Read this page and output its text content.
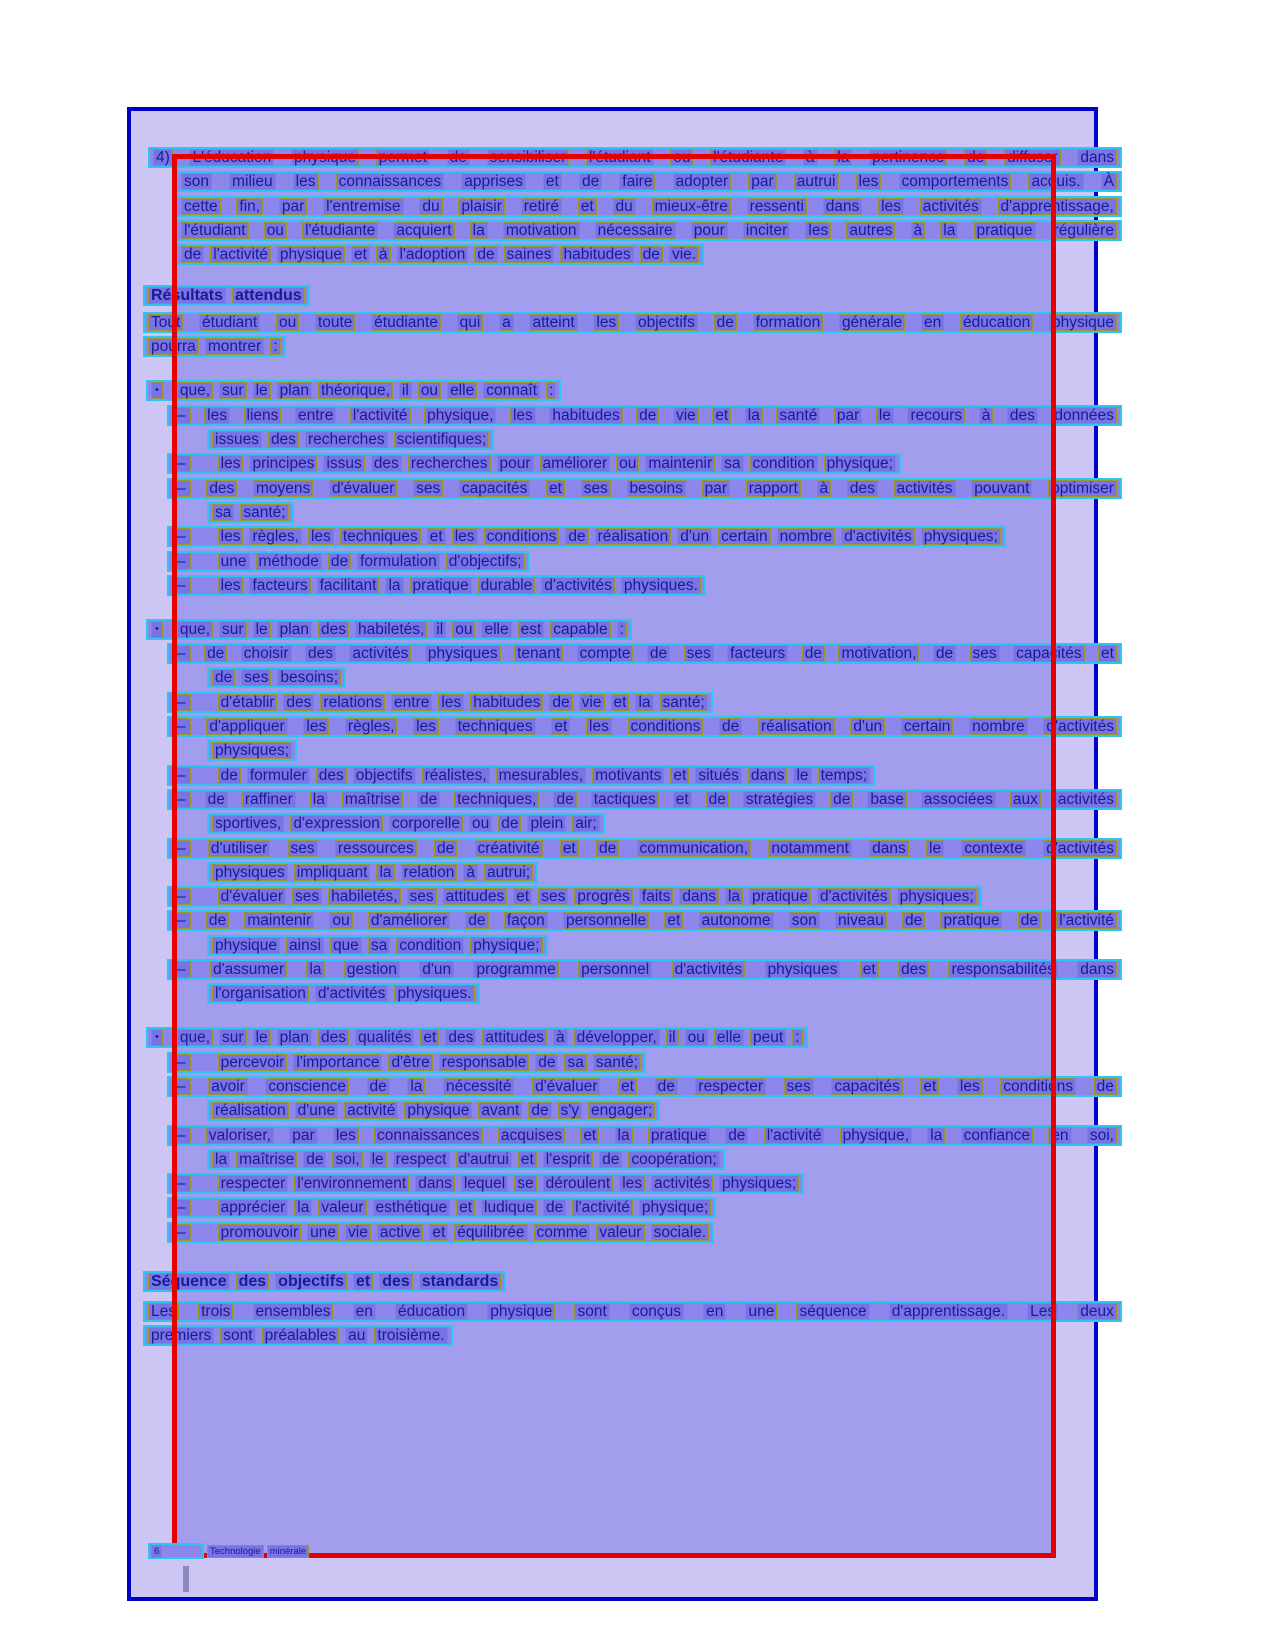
4) L'éducation physique permet de sensibiliser l'étudiant ou l'étudiante à la pertinence de diffuser dans
son milieu les connaissances apprises et de faire adopter par autrui les comportements acquis. À
cette fin, par l'entremise du plaisir retiré et du mieux-être ressenti dans les activités d'apprentissage,
l'étudiant ou l'étudiante acquiert la motivation nécessaire pour inciter les autres à la pratique régulière
de l'activité physique et à l'adoption de saines habitudes de vie.
Résultats attendus
Tout étudiant ou toute étudiante qui a atteint les objectifs de formation générale en éducation physique
pourra montrer :
• que, sur le plan théorique, il ou elle connaît :
–	les liens entre l'activité physique, les habitudes de vie et la santé par le recours à des données
issues des recherches scientifiques;
–	les principes issus des recherches pour améliorer ou maintenir sa condition physique;
–	des moyens d'évaluer ses capacités et ses besoins par rapport à des activités pouvant optimiser
sa santé;
–	les règles, les techniques et les conditions de réalisation d'un certain nombre d'activités physiques;
–	une méthode de formulation d'objectifs;
–	les facteurs facilitant la pratique durable d'activités physiques.
• que, sur le plan des habiletés, il ou elle est capable :
–	de choisir des activités physiques tenant compte de ses facteurs de motivation, de ses capacités et
de ses besoins;
–	d'établir des relations entre les habitudes de vie et la santé;
–	d'appliquer les règles, les techniques et les conditions de réalisation d'un certain nombre d'activités
physiques;
–	de formuler des objectifs réalistes, mesurables, motivants et situés dans le temps;
–	de raffiner la maîtrise de techniques, de tactiques et de stratégies de base associées aux activités
sportives, d'expression corporelle ou de plein air;
–	d'utiliser ses ressources de créativité et de communication, notamment dans le contexte d'activités
physiques impliquant la relation à autrui;
–	d'évaluer ses habiletés, ses attitudes et ses progrès faits dans la pratique d'activités physiques;
–	de maintenir ou d'améliorer de façon personnelle et autonome son niveau de pratique de l'activité
physique ainsi que sa condition physique;
–	d'assumer la gestion d'un programme personnel d'activités physiques et des responsabilités dans
l'organisation d'activités physiques.
• que, sur le plan des qualités et des attitudes à développer, il ou elle peut :
–	percevoir l'importance d'être responsable de sa santé;
–	avoir conscience de la nécessité d'évaluer et de respecter ses capacités et les conditions de
réalisation d'une activité physique avant de s'y engager;
–	valoriser, par les connaissances acquises et la pratique de l'activité physique, la confiance en soi,
la maîtrise de soi, le respect d'autrui et l'esprit de coopération;
–	respecter l'environnement dans lequel se déroulent les activités physiques;
–	apprécier la valeur esthétique et ludique de l'activité physique;
–	promouvoir une vie active et équilibrée comme valeur sociale.
Séquence des objectifs et des standards
Les trois ensembles en éducation physique sont conçus en une séquence d'apprentissage. Les deux
premiers sont préalables au troisième.
6	Technologie minérale
